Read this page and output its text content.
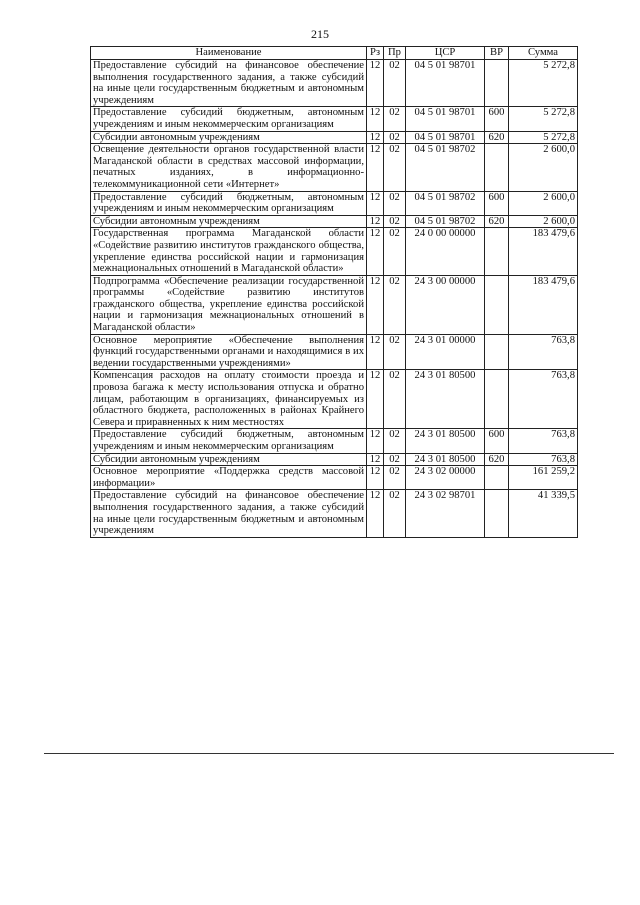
215
Наименование	Рз	Пр	ЦСР	ВР	Сумма
Предоставление субсидий на финансовое обеспечение выполнения государственного задания, а также субсидий на иные цели государственным бюджетным и автономным учреждениям	12	02	04 5 01 98701		5 272,8
Предоставление субсидий бюджетным, автономным учреждениям и иным некоммерческим организациям	12	02	04 5 01 98701	600	5 272,8
Субсидии автономным учреждениям	12	02	04 5 01 98701	620	5 272,8
Освещение деятельности органов государственной власти Магаданской области в средствах массовой информации, печатных изданиях, в информационно-телекоммуникационной сети «Интернет»	12	02	04 5 01 98702		2 600,0
Предоставление субсидий бюджетным, автономным учреждениям и иным некоммерческим организациям	12	02	04 5 01 98702	600	2 600,0
Субсидии автономным учреждениям	12	02	04 5 01 98702	620	2 600,0
Государственная программа Магаданской области «Содействие развитию институтов гражданского общества, укрепление единства российской нации и гармонизация межнациональных отношений в Магаданской области»	12	02	24 0 00 00000		183 479,6
Подпрограмма «Обеспечение реализации государственной программы «Содействие развитию институтов гражданского общества, укрепление единства российской нации и гармонизация межнациональных отношений в Магаданской области»	12	02	24 3 00 00000		183 479,6
Основное мероприятие «Обеспечение выполнения функций государственными органами и находящимися в их ведении государственными учреждениями»	12	02	24 3 01 00000		763,8
Компенсация расходов на оплату стоимости проезда и провоза багажа к месту использования отпуска и обратно лицам, работающим в организациях, финансируемых из областного бюджета, расположенных в районах Крайнего Севера и приравненных к ним местностях	12	02	24 3 01 80500		763,8
Предоставление субсидий бюджетным, автономным учреждениям и иным некоммерческим организациям	12	02	24 3 01 80500	600	763,8
Субсидии автономным учреждениям	12	02	24 3 01 80500	620	763,8
Основное мероприятие «Поддержка средств массовой информации»	12	02	24 3 02 00000		161 259,2
Предоставление субсидий на финансовое обеспечение выполнения государственного задания, а также субсидий на иные цели государственным бюджетным и автономным учреждениям	12	02	24 3 02 98701		41 339,5
